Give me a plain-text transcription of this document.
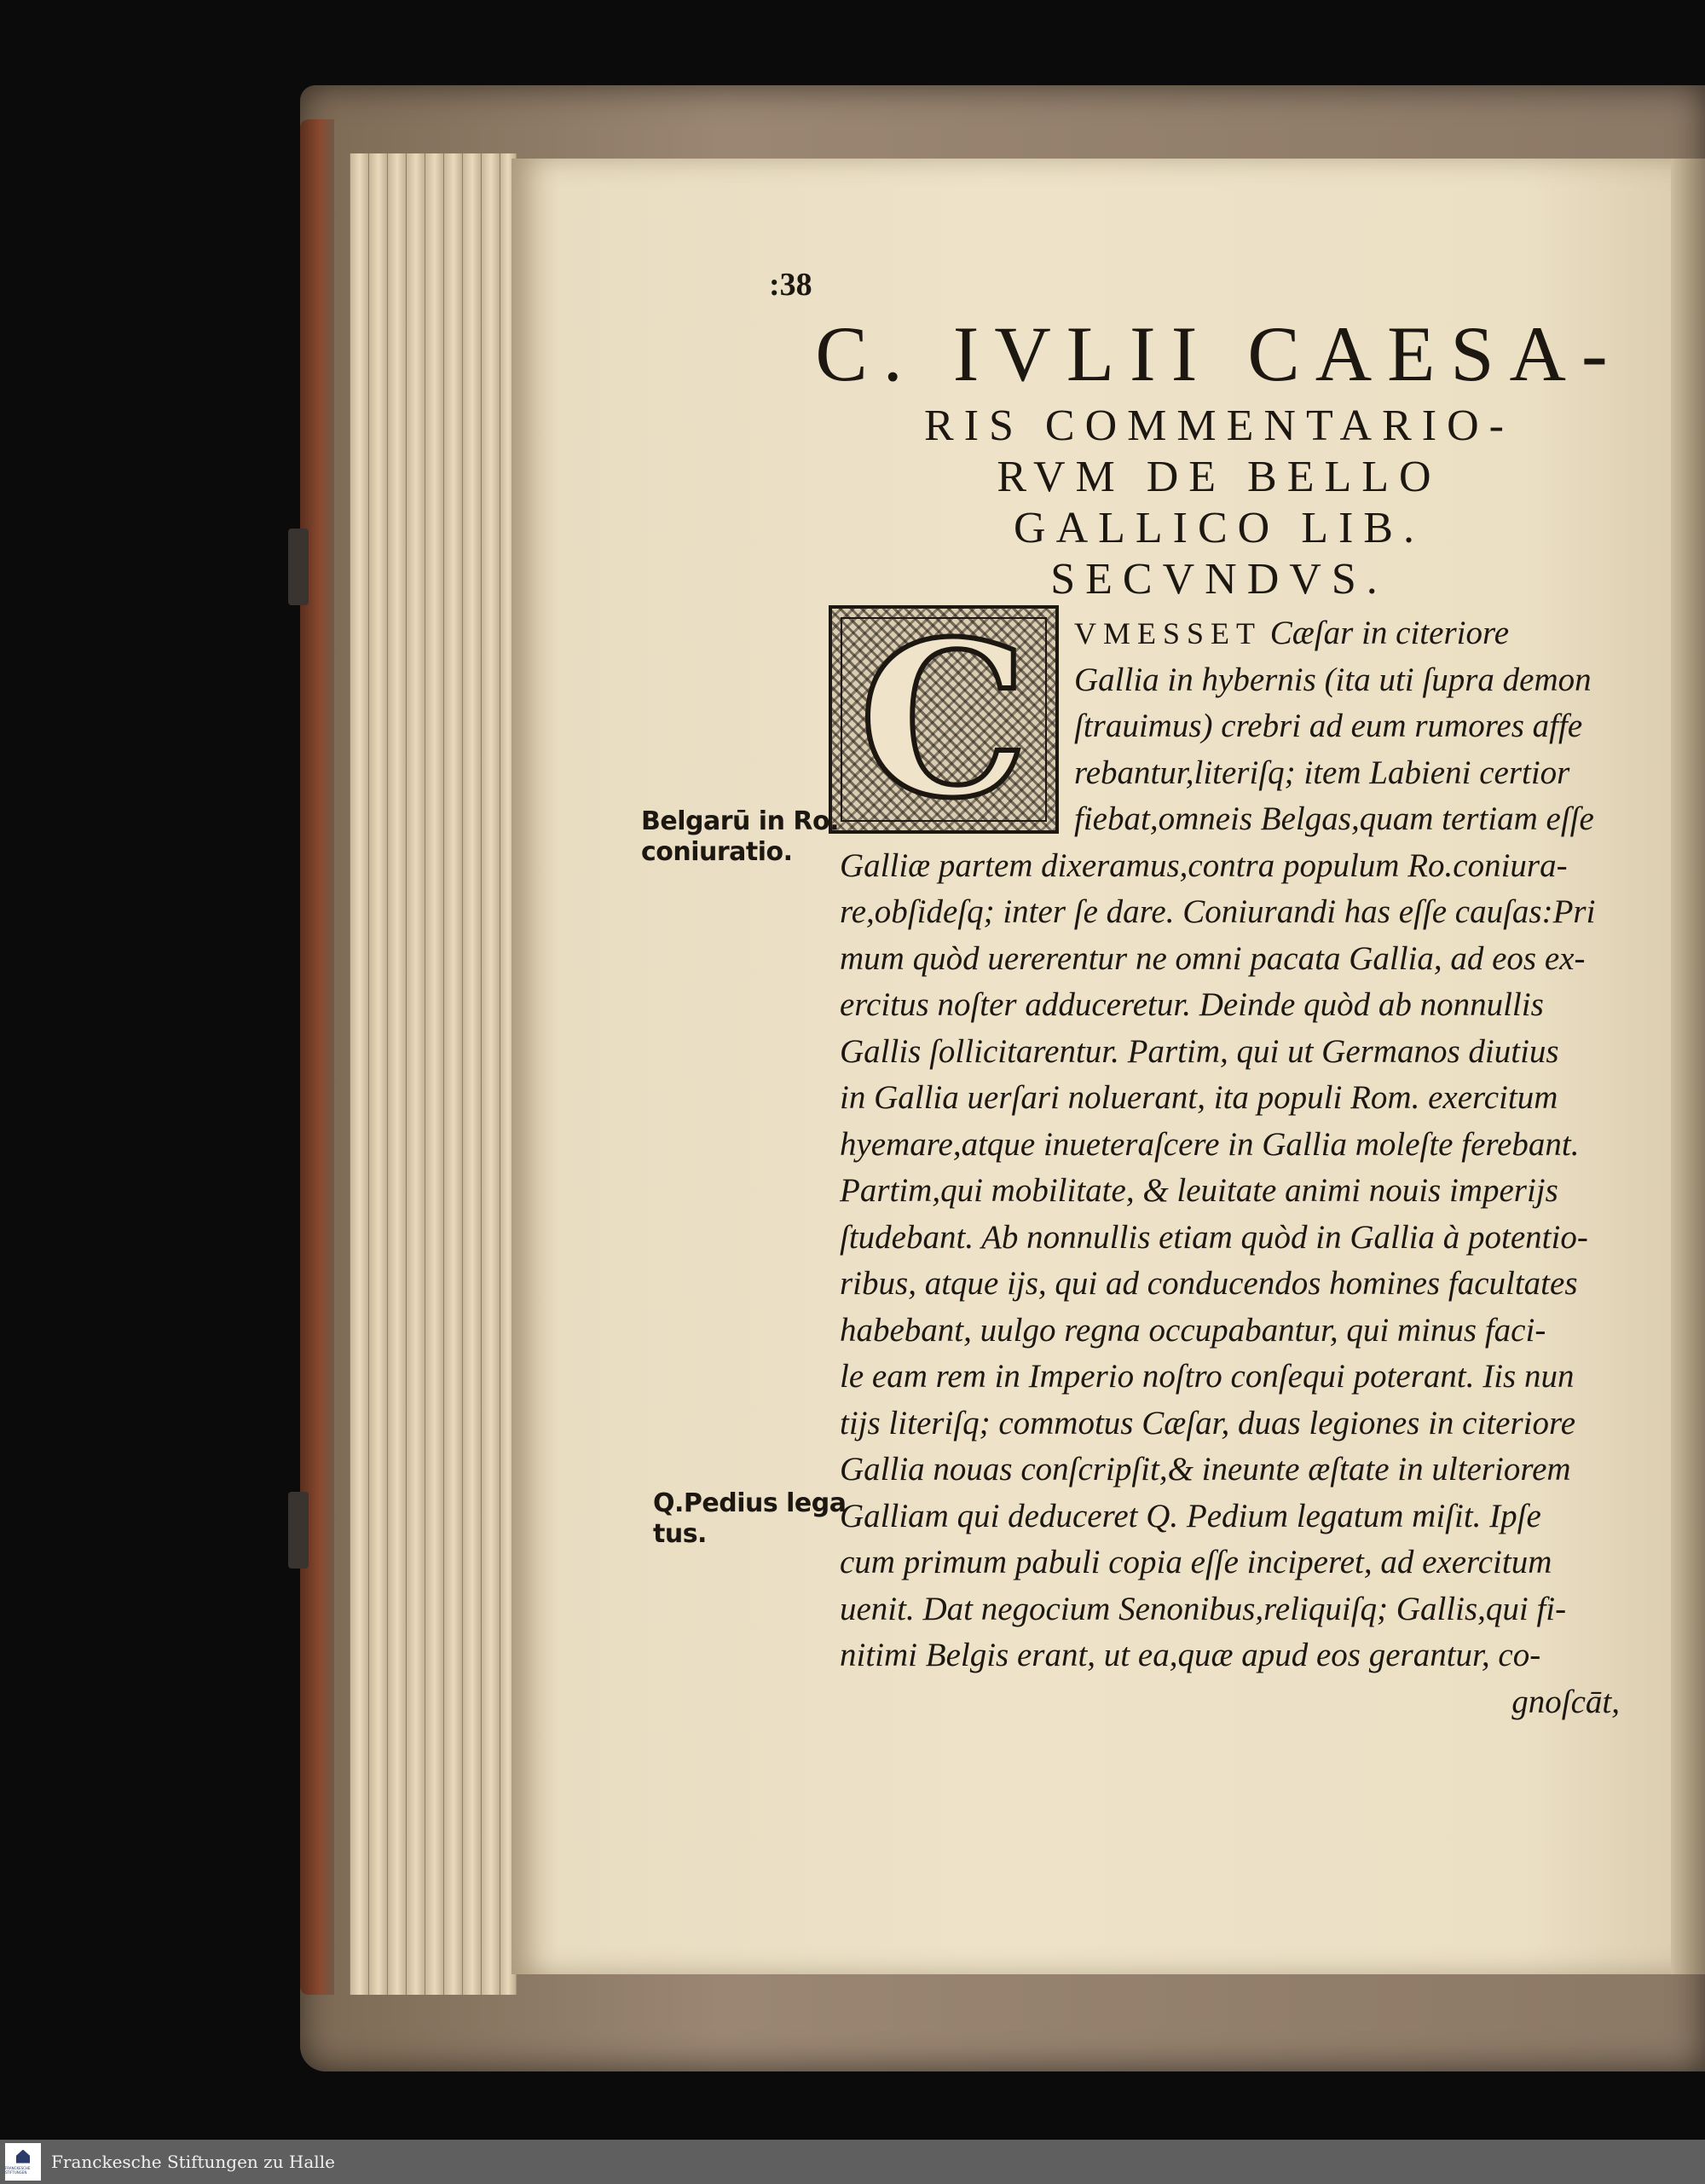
:38

C. IVLII CAESA-

RIS COMMENTARIO-

RVM DE BELLO

GALLICO LIB.

SECVNDVS.

C	VMESSET Cæſar in citeriore
Gallia in hybernis (ita uti ſupra demon
ſtrauimus) crebri ad eum rumores affe
rebantur,literiſq; item Labieni certior
fiebat,omneis Belgas,quam tertiam eſſe
Galliæ partem dixeramus,contra populum Ro.coniura-
re,obſideſq; inter ſe dare. Coniurandi has eſſe cauſas:Pri
mum quòd uererentur ne omni pacata Gallia, ad eos ex-
ercitus noſter adduceretur. Deinde quòd ab nonnullis
Gallis ſollicitarentur. Partim, qui ut Germanos diutius
in Gallia uerſari noluerant, ita populi Rom. exercitum
hyemare,atque inueteraſcere in Gallia moleſte ferebant.
Partim,qui mobilitate, & leuitate animi nouis imperijs
ſtudebant. Ab nonnullis etiam quòd in Gallia à potentio-
ribus, atque ijs, qui ad conducendos homines facultates
habebant, uulgo regna occupabantur, qui minus faci-
le eam rem in Imperio noſtro conſequi poterant. Iis nun
tijs literiſq; commotus Cæſar, duas legiones in citeriore
Gallia nouas conſcripſit,& ineunte æſtate in ulteriorem
Galliam qui deduceret Q. Pedium legatum miſit. Ipſe
cum primum pabuli copia eſſe inciperet, ad exercitum
uenit. Dat negocium Senonibus,reliquiſq; Gallis,qui fi-
nitimi Belgis erant, ut ea,quæ apud eos gerantur, co-
gnoſcāt,
Belgarū in Ro.
coniuratio.
Q.Pedius lega
tus.
FRANCKESCHE STIFTUNGEN	Franckesche Stiftungen zu Halle
